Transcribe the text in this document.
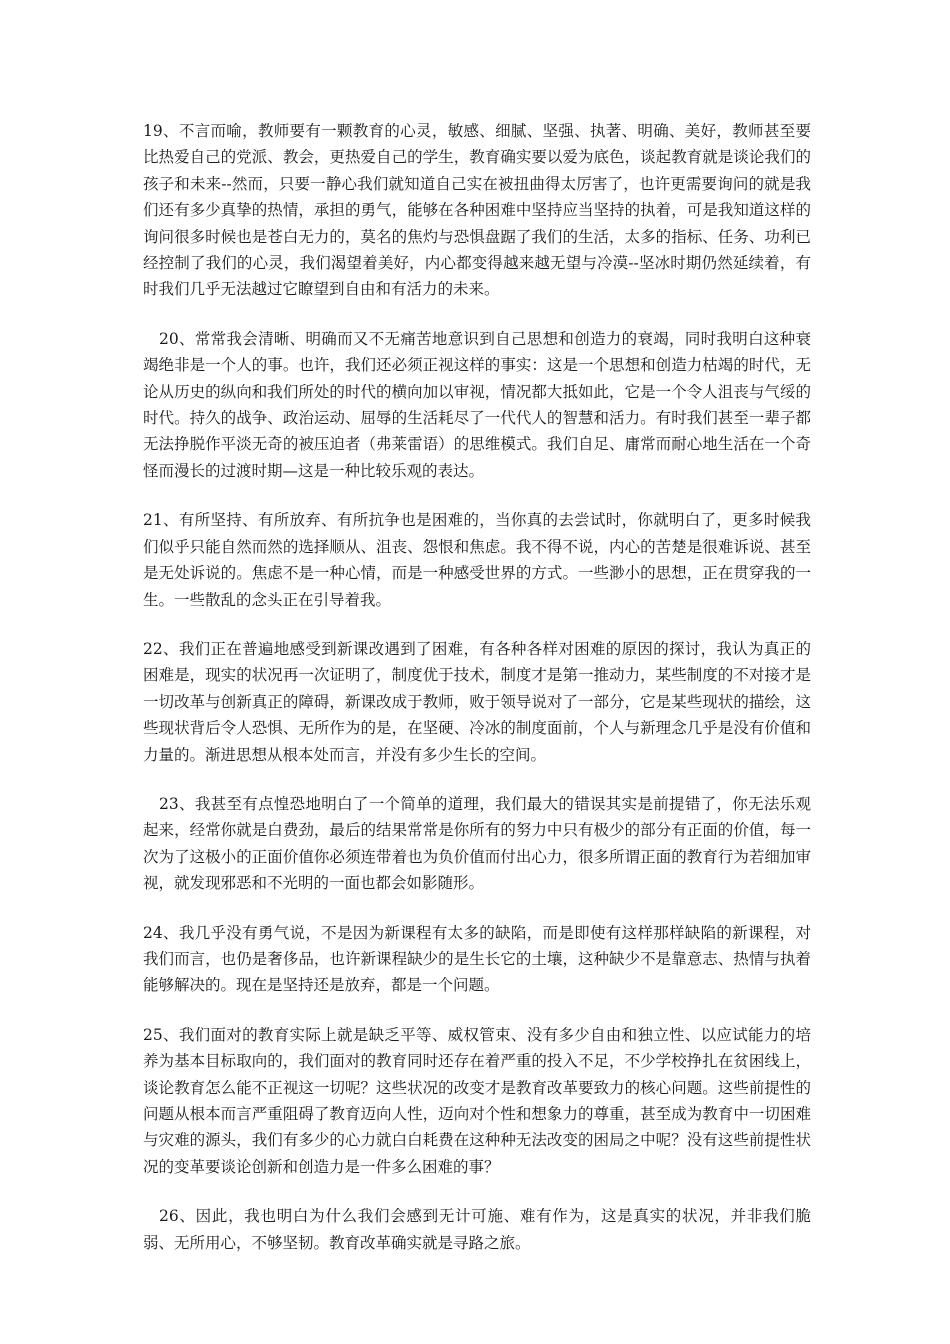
19、不言而喻，教师要有一颗教育的心灵，敏感、细腻、坚强、执著、明确、美好，教师甚至要比热爱自己的党派、教会，更热爱自己的学生，教育确实要以爱为底色，谈起教育就是谈论我们的孩子和未来--然而，只要一静心我们就知道自己实在被扭曲得太厉害了，也许更需要询问的就是我们还有多少真挚的热情，承担的勇气，能够在各种困难中坚持应当坚持的执着，可是我知道这样的询问很多时候也是苍白无力的，莫名的焦灼与恐惧盘踞了我们的生活，太多的指标、任务、功利已经控制了我们的心灵，我们渴望着美好，内心都变得越来越无望与冷漠--坚冰时期仍然延续着，有时我们几乎无法越过它瞭望到自由和有活力的未来。

20、常常我会清晰、明确而又不无痛苦地意识到自己思想和创造力的衰竭，同时我明白这种衰竭绝非是一个人的事。也许，我们还必须正视这样的事实：这是一个思想和创造力枯竭的时代，无论从历史的纵向和我们所处的时代的横向加以审视，情况都大抵如此，它是一个令人沮丧与气绥的时代。持久的战争、政治运动、屈辱的生活耗尽了一代代人的智慧和活力。有时我们甚至一辈子都无法挣脱作平淡无奇的被压迫者（弗莱雷语）的思维模式。我们自足、庸常而耐心地生活在一个奇怪而漫长的过渡时期—这是一种比较乐观的表达。

21、有所坚持、有所放弃、有所抗争也是困难的，当你真的去尝试时，你就明白了，更多时候我们似乎只能自然而然的选择顺从、沮丧、怨恨和焦虑。我不得不说，内心的苦楚是很难诉说、甚至是无处诉说的。焦虑不是一种心情，而是一种感受世界的方式。一些渺小的思想，正在贯穿我的一生。一些散乱的念头正在引导着我。

22、我们正在普遍地感受到新课改遇到了困难，有各种各样对困难的原因的探讨，我认为真正的困难是，现实的状况再一次证明了，制度优于技术，制度才是第一推动力，某些制度的不对接才是一切改革与创新真正的障碍，新课改成于教师，败于领导说对了一部分，它是某些现状的描绘，这些现状背后令人恐惧、无所作为的是，在坚硬、冷冰的制度面前，个人与新理念几乎是没有价值和力量的。渐进思想从根本处而言，并没有多少生长的空间。

23、我甚至有点惶恐地明白了一个简单的道理，我们最大的错误其实是前提错了，你无法乐观起来，经常你就是白费劲，最后的结果常常是你所有的努力中只有极少的部分有正面的价值，每一次为了这极小的正面价值你必须连带着也为负价值而付出心力，很多所谓正面的教育行为若细加审视，就发现邪恶和不光明的一面也都会如影随形。

24、我几乎没有勇气说，不是因为新课程有太多的缺陷，而是即使有这样那样缺陷的新课程，对我们而言，也仍是奢侈品，也许新课程缺少的是生长它的土壤，这种缺少不是靠意志、热情与执着能够解决的。现在是坚持还是放弃，都是一个问题。

25、我们面对的教育实际上就是缺乏平等、威权管束、没有多少自由和独立性、以应试能力的培养为基本目标取向的，我们面对的教育同时还存在着严重的投入不足，不少学校挣扎在贫困线上，谈论教育怎么能不正视这一切呢？这些状况的改变才是教育改革要致力的核心问题。这些前提性的问题从根本而言严重阻碍了教育迈向人性，迈向对个性和想象力的尊重，甚至成为教育中一切困难与灾难的源头，我们有多少的心力就白白耗费在这种种无法改变的困局之中呢？没有这些前提性状况的变革要谈论创新和创造力是一件多么困难的事？

26、因此，我也明白为什么我们会感到无计可施、难有作为，这是真实的状况，并非我们脆弱、无所用心，不够坚韧。教育改革确实就是寻路之旅。
